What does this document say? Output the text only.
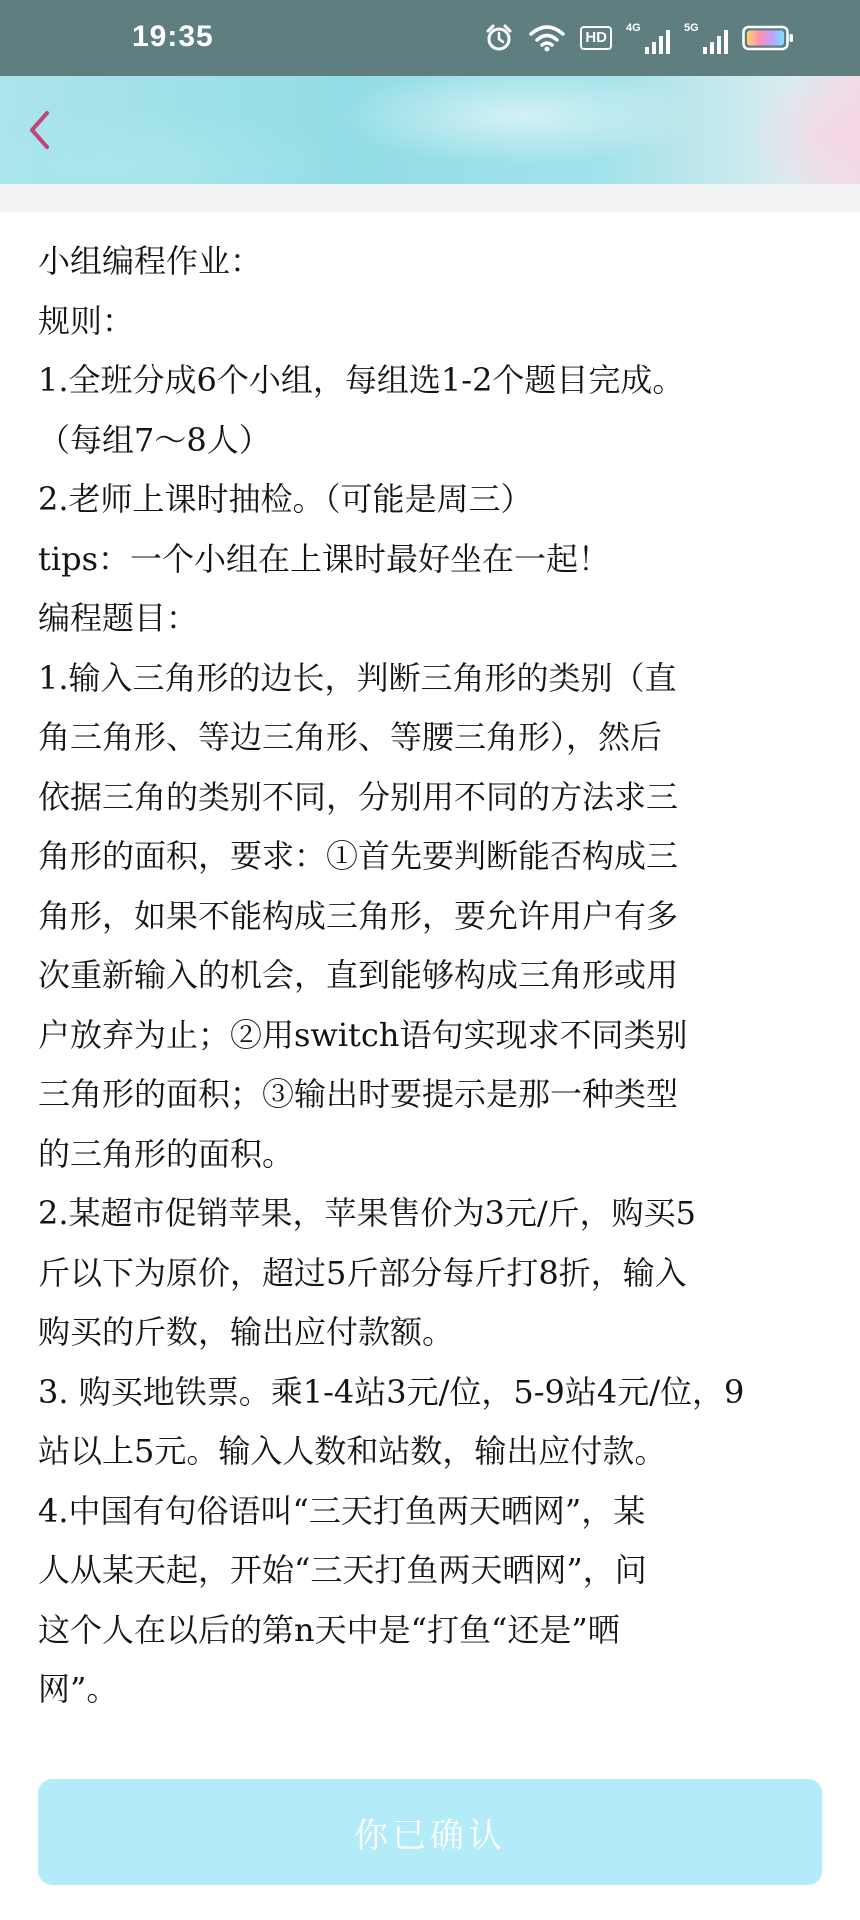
19:35	HD
4G	5G
小组编程作业：
规则：
1.全班分成6个小组，每组选1-2个题目完成。
（每组7～8人）
2.老师上课时抽检。（可能是周三）
tips：一个小组在上课时最好坐在一起！
编程题目：
1.输入三角形的边长，判断三角形的类别（直
角三角形、等边三角形、等腰三角形），然后
依据三角的类别不同，分别用不同的方法求三
角形的面积，要求：①首先要判断能否构成三
角形，如果不能构成三角形，要允许用户有多
次重新输入的机会，直到能够构成三角形或用
户放弃为止；②用switch语句实现求不同类别
三角形的面积；③输出时要提示是那一种类型
的三角形的面积。
2.某超市促销苹果，苹果售价为3元/斤，购买5
斤以下为原价，超过5斤部分每斤打8折，输入
购买的斤数，输出应付款额。
3. 购买地铁票。乘1-4站3元/位，5-9站4元/位，9
站以上5元。输入人数和站数，输出应付款。
4.中国有句俗语叫“三天打鱼两天晒网”，某
人从某天起，开始“三天打鱼两天晒网”，问
这个人在以后的第n天中是“打鱼“还是”晒
网”。
你已确认
